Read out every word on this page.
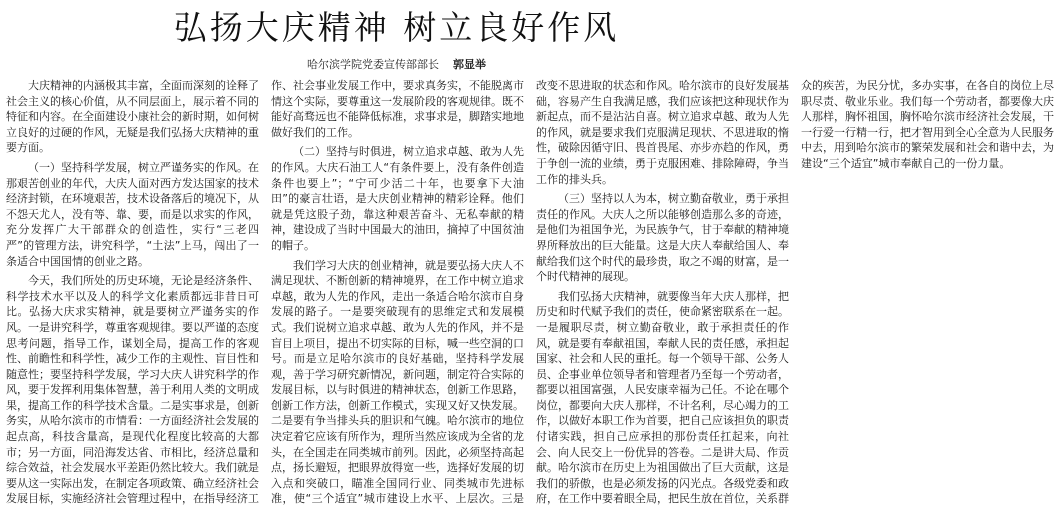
弘扬大庆精神 树立良好作风
哈尔滨学院党委宣传部部长 郭显举

大庆精神的内涵极其丰富，全面而深刻的诠释了社会主义的核心价值，从不同层面上，展示着不同的特征和内容。在全面建设小康社会的新时期，如何树立良好的过硬的作风，无疑是我们弘扬大庆精神的重要方面。

（一）坚持科学发展，树立严谨务实的作风。在那艰苦创业的年代，大庆人面对西方发达国家的技术经济封锁，在环境艰苦，技术设备落后的境况下，从不怨天尤人，没有等、靠、要，而是以求实的作风，充分发挥广大干部群众的创造性，实行“三老四严”的管理方法，讲究科学，“土法”上马，闯出了一条适合中国国情的创业之路。

今天，我们所处的历史环境，无论是经济条件、科学技术水平以及人的科学文化素质都远非昔日可比。弘扬大庆求实精神，就是要树立严谨务实的作风。一是讲究科学，尊重客观规律。要以严谨的态度思考问题，指导工作，谋划全局，提高工作的客观性、前瞻性和科学性，减少工作的主观性、盲目性和随意性；要坚持科学发展，学习大庆人讲究科学的作风，要于发挥利用集体智慧，善于利用人类的文明成果，提高工作的科学技术含量。二是实事求是，创新务实，从哈尔滨市的市情看：一方面经济社会发展的起点高，科技含量高，是现代化程度比较高的大都市；另一方面，同沿海发达省、市相比，经济总量和综合效益，社会发展水平差距仍然比较大。我们就是要从这一实际出发，在制定各项政策、确立经济社会发展目标，实施经济社会管理过程中，在指导经济工作、社会事业发展工作中，要求真务实，不能脱离市情这个实际，要尊重这一发展阶段的客观规律。既不能好高骛远也不能降低标准，求事求是，脚踏实地地做好我们的工作。

（二）坚持与时俱进，树立追求卓越、敢为人先的作风。大庆石油工人“有条件要上，没有条件创造条件也要上”；“宁可少活二十年，也要拿下大油田”的豪言壮语，是大庆创业精神的精彩诠释。他们就是凭这股子劲，靠这种艰苦奋斗、无私奉献的精神，建设成了当时中国最大的油田，摘掉了中国贫油的帽子。

我们学习大庆的创业精神，就是要弘扬大庆人不满足现状、不断创新的精神境界，在工作中树立追求卓越，敢为人先的作风，走出一条适合哈尔滨市自身发展的路子。一是要突破现有的思维定式和发展模式。我们说树立追求卓越、敢为人先的作风，并不是盲目上项目，提出不切实际的目标，喊一些空洞的口号。而是立足哈尔滨市的良好基础，坚持科学发展观，善于学习研究新情况，新问题，制定符合实际的发展目标，以与时俱进的精神状态，创新工作思路，创新工作方法，创新工作模式，实现又好又快发展。二是要有争当排头兵的胆识和气魄。哈尔滨市的地位决定着它应该有所作为，理所当然应该成为全省的龙头，在全国走在同类城市前列。因此，必须坚持高起点，扬长避短，把眼界放得宽一些，选择好发展的切入点和突破口，瞄准全国同行业、同类城市先进标准，使“三个适宜”城市建设上水平、上层次。三是改变不思进取的状态和作风。哈尔滨市的良好发展基础，容易产生自我满足感，我们应该把这种现状作为新起点，而不是沾沾自喜。树立追求卓越、敢为人先的作风，就是要求我们克服满足现状、不思进取的惰性，破除因循守旧、畏首畏尾、亦步亦趋的作风，勇于争创一流的业绩，勇于克服困难、排除障碍，争当工作的排头兵。

（三）坚持以人为本，树立勤奋敬业，勇于承担责任的作风。大庆人之所以能够创造那么多的奇迹，是他们为祖国争光，为民族争气，甘于奉献的精神境界所释放出的巨大能量。这是大庆人奉献给国人、奉献给我们这个时代的最珍贵，取之不竭的财富，是一个时代精神的展现。

我们弘扬大庆精神，就要像当年大庆人那样，把历史和时代赋予我们的责任，使命紧密联系在一起。一是履职尽责，树立勤奋敬业，敢于承担责任的作风，就是要有奉献祖国，奉献人民的责任感，承担起国家、社会和人民的重托。每一个领导干部、公务人员、企事业单位领导者和管理者乃至每一个劳动者，都要以祖国富强，人民安康幸福为己任。不论在哪个岗位，都要向大庆人那样，不计名利，尽心竭力的工作，以做好本职工作为首要，把自己应该担负的职责付诸实践，担自己应承担的那份责任扛起来，向社会、向人民交上一份优异的答卷。二是讲大局、作贡献。哈尔滨市在历史上为祖国做出了巨大贡献，这是我们的骄傲，也是必须发扬的闪光点。各级党委和政府，在工作中要着眼全局，把民生放在首位，关系群众的疾苦，为民分忧，多办实事，在各自的岗位上尽职尽责、敬业乐业。我们每一个劳动者，都要像大庆人那样，胸怀祖国，胸怀哈尔滨市经济社会发展，干一行爱一行精一行，把才智用到全心全意为人民服务中去，用到哈尔滨市的繁荣发展和社会和谐中去，为建设“三个适宜”城市奉献自己的一份力量。
